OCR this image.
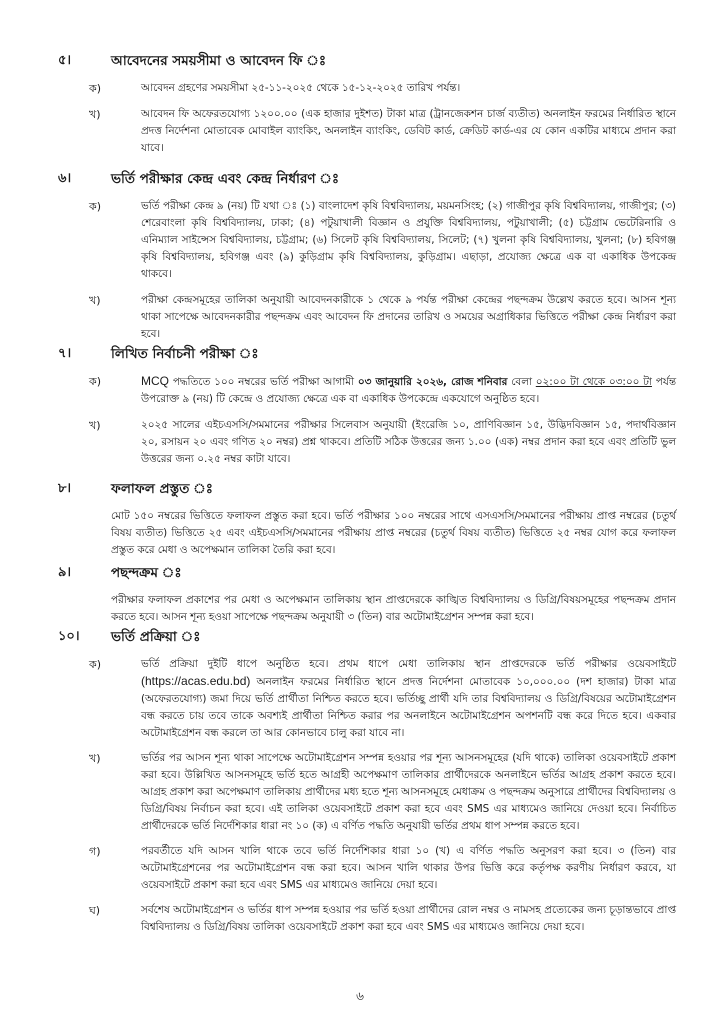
৫।	আবেদনের সময়সীমা ও আবেদন ফি ঃ
ক)	আবেদন গ্রহণের সময়সীমা ২৫-১১-২০২৫ থেকে ১৫-১২-২০২৫ তারিখ পর্যন্ত।
খ)	আবেদন ফি অফেরতযোগ্য ১২০০.০০ (এক হাজার দুইশত) টাকা মাত্র (ট্রানজেকশন চার্জ ব্যতীত) অনলাইন ফরমের নির্ধারিত স্থানে প্রদত্ত নির্দেশনা মোতাবেক মোবাইল ব্যাংকিং, অনলাইন ব্যাংকিং, ডেবিট কার্ড, ক্রেডিট কার্ড-এর যে কোন একটির মাধ্যমে প্রদান করা যাবে।
৬।	ভর্তি পরীক্ষার কেন্দ্র এবং কেন্দ্র নির্ধারণ ঃ
ক)	ভর্তি পরীক্ষা কেন্দ্র ৯ (নয়) টি যথা ঃ (১) বাংলাদেশ কৃষি বিশ্ববিদ্যালয়, ময়মনসিংহ; (২) গাজীপুর কৃষি বিশ্ববিদ্যালয়, গাজীপুর; (৩) শেরেবাংলা কৃষি বিশ্ববিদ্যালয়, ঢাকা; (৪) পটুয়াখালী বিজ্ঞান ও প্রযুক্তি বিশ্ববিদ্যালয়, পটুয়াখালী; (৫) চট্টগ্রাম ভেটেরিনারি ও এনিম্যাল সাইন্সেস বিশ্ববিদ্যালয়, চট্টগ্রাম; (৬) সিলেট কৃষি বিশ্ববিদ্যালয়, সিলেট; (৭) খুলনা কৃষি বিশ্ববিদ্যালয়, খুলনা; (৮) হবিগঞ্জ কৃষি বিশ্ববিদ্যালয়, হবিগঞ্জ এবং (৯) কুড়িগ্রাম কৃষি বিশ্ববিদ্যালয়, কুড়িগ্রাম। এছাড়া, প্রযোজ্য ক্ষেত্রে এক বা একাধিক উপকেন্দ্র থাকবে।
খ)	পরীক্ষা কেন্দ্রসমূহের তালিকা অনুযায়ী আবেদনকারীকে ১ থেকে ৯ পর্যন্ত পরীক্ষা কেন্দ্রের পছন্দক্রম উল্লেখ করতে হবে। আসন শূন্য থাকা সাপেক্ষে আবেদনকারীর পছন্দক্রম এবং আবেদন ফি প্রদানের তারিখ ও সময়ের অগ্রাধিকার ভিত্তিতে পরীক্ষা কেন্দ্র নির্ধারণ করা হবে।
৭।	লিখিত নির্বাচনী পরীক্ষা ঃ
ক)	MCQ পদ্ধতিতে ১০০ নম্বরের ভর্তি পরীক্ষা আগামী ০৩ জানুয়ারি ২০২৬, রোজ শনিবার বেলা ০২:০০ টা থেকে ০৩:০০ টা পর্যন্ত উপরোক্ত ৯ (নয়) টি কেন্দ্রে ও প্রযোজ্য ক্ষেত্রে এক বা একাধিক উপকেন্দ্রে একযোগে অনুষ্ঠিত হবে।
খ)	২০২৫ সালের এইচএসসি/সমমানের পরীক্ষার সিলেবাস অনুযায়ী (ইংরেজি ১০, প্রাণিবিজ্ঞান ১৫, উদ্ভিদবিজ্ঞান ১৫, পদার্থবিজ্ঞান ২০, রসায়ন ২০ এবং গণিত ২০ নম্বর) প্রশ্ন থাকবে। প্রতিটি সঠিক উত্তরের জন্য ১.০০ (এক) নম্বর প্রদান করা হবে এবং প্রতিটি ভুল উত্তরের জন্য ০.২৫ নম্বর কাটা যাবে।
৮।	ফলাফল প্রস্তুত ঃ
মোট ১৫০ নম্বরের ভিত্তিতে ফলাফল প্রস্তুত করা হবে। ভর্তি পরীক্ষার ১০০ নম্বরের সাথে এসএসসি/সমমানের পরীক্ষায় প্রাপ্ত নম্বরের (চতুর্থ বিষয় ব্যতীত) ভিত্তিতে ২৫ এবং এইচএসসি/সমমানের পরীক্ষায় প্রাপ্ত নম্বরের (চতুর্থ বিষয় ব্যতীত) ভিত্তিতে ২৫ নম্বর যোগ করে ফলাফল প্রস্তুত করে মেধা ও অপেক্ষমান তালিকা তৈরি করা হবে।
৯।	পছন্দক্রম ঃ
পরীক্ষার ফলাফল প্রকাশের পর মেধা ও অপেক্ষমান তালিকায় স্থান প্রাপ্তদেরকে কাঙ্খিত বিশ্ববিদ্যালয় ও ডিগ্রি/বিষয়সমূহের পছন্দক্রম প্রদান করতে হবে। আসন শূন্য হওয়া সাপেক্ষে পছন্দক্রম অনুযায়ী ৩ (তিন) বার অটোমাইগ্রেশন সম্পন্ন করা হবে।
১০। ভর্তি প্রক্রিয়া ঃ
ক)	ভর্তি প্রক্রিয়া দুইটি ধাপে অনুষ্ঠিত হবে। প্রথম ধাপে মেধা তালিকায় স্থান প্রাপ্তদেরকে ভর্তি পরীক্ষার ওয়েবসাইটে (https://acas.edu.bd) অনলাইন ফরমের নির্ধারিত স্থানে প্রদত্ত নির্দেশনা মোতাবেক ১০,০০০.০০ (দশ হাজার) টাকা মাত্র (অফেরতযোগ্য) জমা দিয়ে ভর্তি প্রার্থীতা নিশ্চিত করতে হবে। ভর্তিচ্ছু প্রার্থী যদি তার বিশ্ববিদ্যালয় ও ডিগ্রি/বিষয়ের অটোমাইগ্রেশন বন্ধ করতে চায় তবে তাকে অবশ্যই প্রার্থীতা নিশ্চিত করার পর অনলাইনে অটোমাইগ্রেশন অপশনটি বন্ধ করে দিতে হবে। একবার অটোমাইগ্রেশন বন্ধ করলে তা আর কোনভাবে চালু করা যাবে না।
খ)	ভর্তির পর আসন শূন্য থাকা সাপেক্ষে অটোমাইগ্রেশন সম্পন্ন হওয়ার পর শূন্য আসনসমূহের (যদি থাকে) তালিকা ওয়েবসাইটে প্রকাশ করা হবে। উল্লিখিত আসনসমূহে ভর্তি হতে আগ্রহী অপেক্ষমাণ তালিকার প্রার্থীদেরকে অনলাইনে ভর্তির আগ্রহ প্রকাশ করতে হবে। আগ্রহ প্রকাশ করা অপেক্ষমাণ তালিকায় প্রার্থীদের মধ্য হতে শূন্য আসনসমূহে মেধাক্রম ও পছন্দক্রম অনুসারে প্রার্থীদের বিশ্ববিদ্যালয় ও ডিগ্রি/বিষয় নির্বাচন করা হবে। এই তালিকা ওয়েবসাইটে প্রকাশ করা হবে এবং SMS এর মাধ্যমেও জানিয়ে দেওয়া হবে। নির্বাচিত প্রার্থীদেরকে ভর্তি নির্দেশিকার ধারা নং ১০ (ক) এ বর্ণিত পদ্ধতি অনুযায়ী ভর্তির প্রথম ধাপ সম্পন্ন করতে হবে।
গ)	পরবর্তীতে যদি আসন খালি থাকে তবে ভর্তি নির্দেশিকার ধারা ১০ (খ) এ বর্ণিত পদ্ধতি অনুসরণ করা হবে। ৩ (তিন) বার অটোমাইগ্রেশনের পর অটোমাইগ্রেশন বন্ধ করা হবে। আসন খালি থাকার উপর ভিত্তি করে কর্তৃপক্ষ করণীয় নির্ধারণ করবে, যা ওয়েবসাইটে প্রকাশ করা হবে এবং SMS এর মাধ্যমেও জানিয়ে দেয়া হবে।
ঘ)	সর্বশেষ অটোমাইগ্রেশন ও ভর্তির ধাপ সম্পন্ন হওয়ার পর ভর্তি হওয়া প্রার্থীদের রোল নম্বর ও নামসহ প্রত্যেকের জন্য চূড়ান্তভাবে প্রাপ্ত বিশ্ববিদ্যালয় ও ডিগ্রি/বিষয় তালিকা ওয়েবসাইটে প্রকাশ করা হবে এবং SMS এর মাধ্যমেও জানিয়ে দেয়া হবে।
৬
